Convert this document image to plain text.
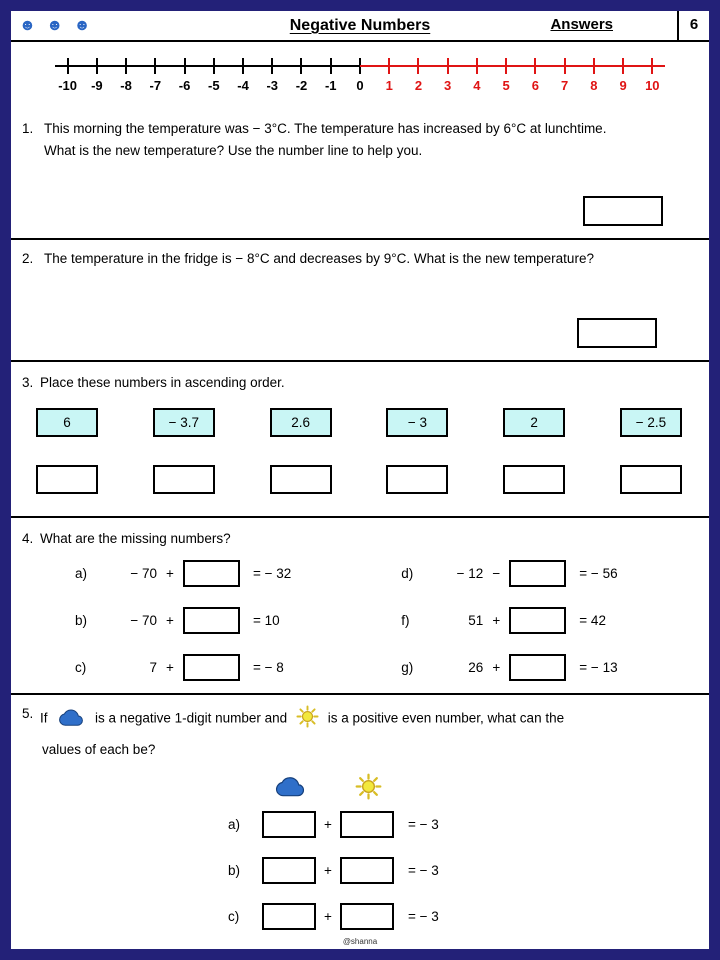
☻ ☻ ☻	Negative Numbers	Answers	6
-10 -9 -8 -7 -6 -5 -4 -3 -2 -1 0 1 2 3 4 5 6 7 8 9 10
1. This morning the temperature was − 3°C. The temperature has increased by 6°C at lunchtime.
What is the new temperature? Use the number line to help you.
2. The temperature in the fridge is − 8°C and decreases by 9°C. What is the new temperature?
3. Place these numbers in ascending order.
6	− 3.7	2.6	− 3	2	− 2.5
4. What are the missing numbers?
a)	− 70 +	= − 32
b)	− 70 +	= 10
c)	7 +	= − 8
d)	− 12 −	= − 56
f)	51 +	= 42
g)	26 +	= − 13
5. If	is a negative 1-digit number and	is a positive even number, what can the
values of each be?
a)	+	= − 3
b)	+	= − 3
c)	+	= − 3
@shanna
